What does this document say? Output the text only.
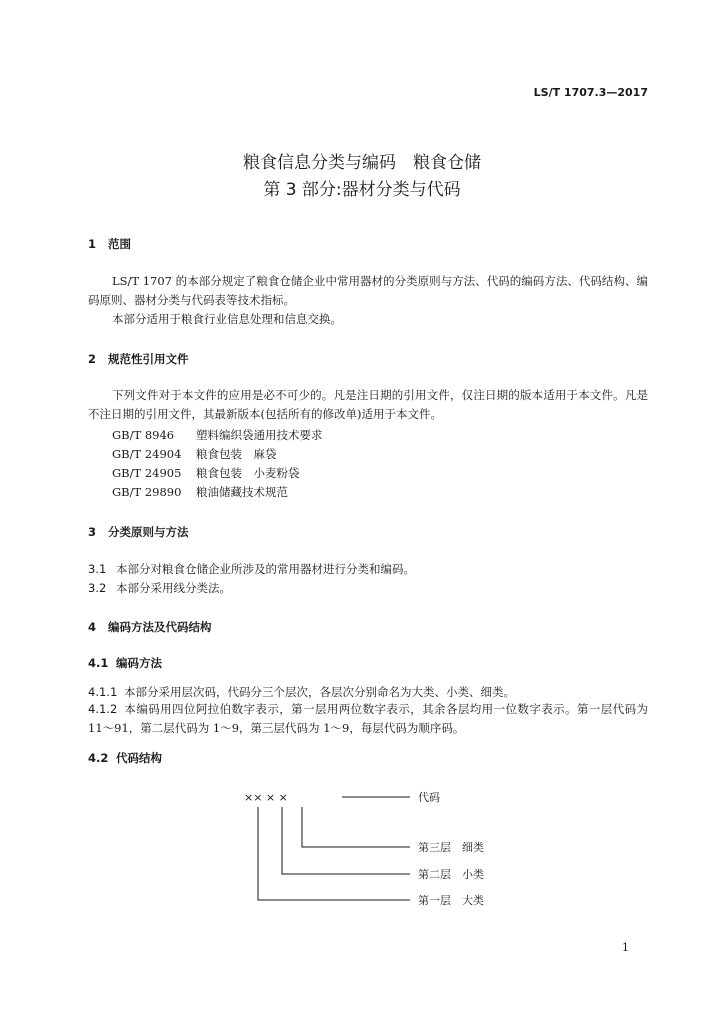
LS/T 1707.3—2017
粮食信息分类与编码　粮食仓储
第 3 部分:器材分类与代码
1 范围
LS/T 1707 的本部分规定了粮食仓储企业中常用器材的分类原则与方法、代码的编码方法、代码结构、编码原则、器材分类与代码表等技术指标。
本部分适用于粮食行业信息处理和信息交换。
2 规范性引用文件
下列文件对于本文件的应用是必不可少的。凡是注日期的引用文件，仅注日期的版本适用于本文件。凡是不注日期的引用文件，其最新版本(包括所有的修改单)适用于本文件。
GB/T 8946 塑料编织袋通用技术要求
GB/T 24904 粮食包装　麻袋
GB/T 24905 粮食包装　小麦粉袋
GB/T 29890 粮油储藏技术规范
3 分类原则与方法
3.1 本部分对粮食仓储企业所涉及的常用器材进行分类和编码。
3.2 本部分采用线分类法。
4 编码方法及代码结构
4.1 编码方法
4.1.1 本部分采用层次码，代码分三个层次，各层次分别命名为大类、小类、细类。
4.1.2 本编码用四位阿拉伯数字表示，第一层用两位数字表示，其余各层均用一位数字表示。第一层代码为 11～91，第二层代码为 1～9，第三层代码为 1～9，每层代码为顺序码。
4.2 代码结构
×× × ×	代码
第三层　细类
第二层　小类
第一层　大类
1
